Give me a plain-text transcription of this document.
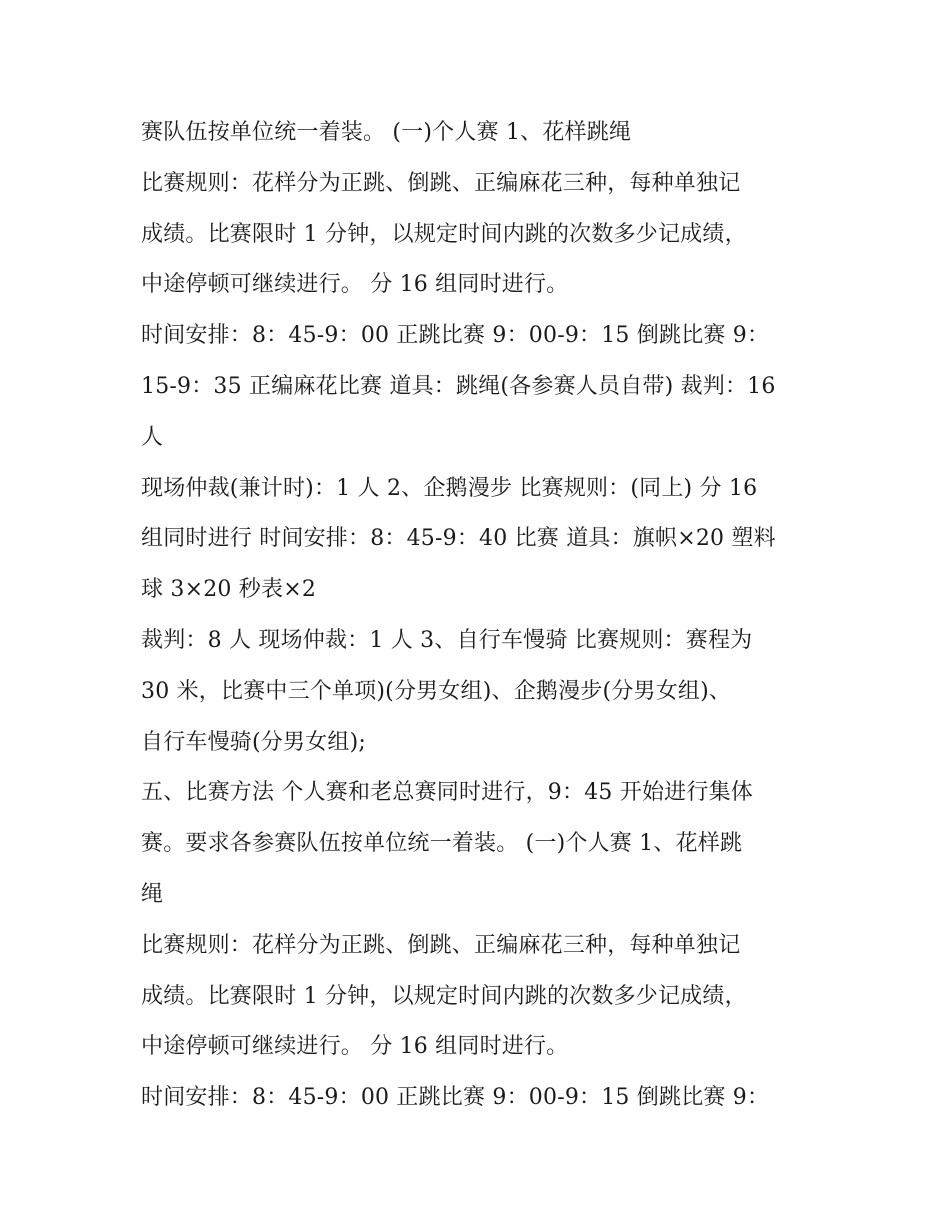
赛队伍按单位统一着装。 (一)个人赛 1、花样跳绳
比赛规则：花样分为正跳、倒跳、正编麻花三种，每种单独记
成绩。比赛限时 1 分钟，以规定时间内跳的次数多少记成绩，
中途停顿可继续进行。 分 16 组同时进行。
时间安排：8：45-9：00 正跳比赛 9：00-9：15 倒跳比赛 9：
15-9：35 正编麻花比赛 道具：跳绳(各参赛人员自带) 裁判：16
人
现场仲裁(兼计时)：1 人 2、企鹅漫步 比赛规则：(同上) 分 16
组同时进行 时间安排：8：45-9：40 比赛 道具：旗帜×20 塑料
球 3×20 秒表×2
裁判：8 人 现场仲裁：1 人 3、自行车慢骑 比赛规则：赛程为
30 米，比赛中三个单项)(分男女组)、企鹅漫步(分男女组)、
自行车慢骑(分男女组);
五、比赛方法 个人赛和老总赛同时进行，9：45 开始进行集体
赛。要求各参赛队伍按单位统一着装。 (一)个人赛 1、花样跳
绳
比赛规则：花样分为正跳、倒跳、正编麻花三种，每种单独记
成绩。比赛限时 1 分钟，以规定时间内跳的次数多少记成绩，
中途停顿可继续进行。 分 16 组同时进行。
时间安排：8：45-9：00 正跳比赛 9：00-9：15 倒跳比赛 9：
